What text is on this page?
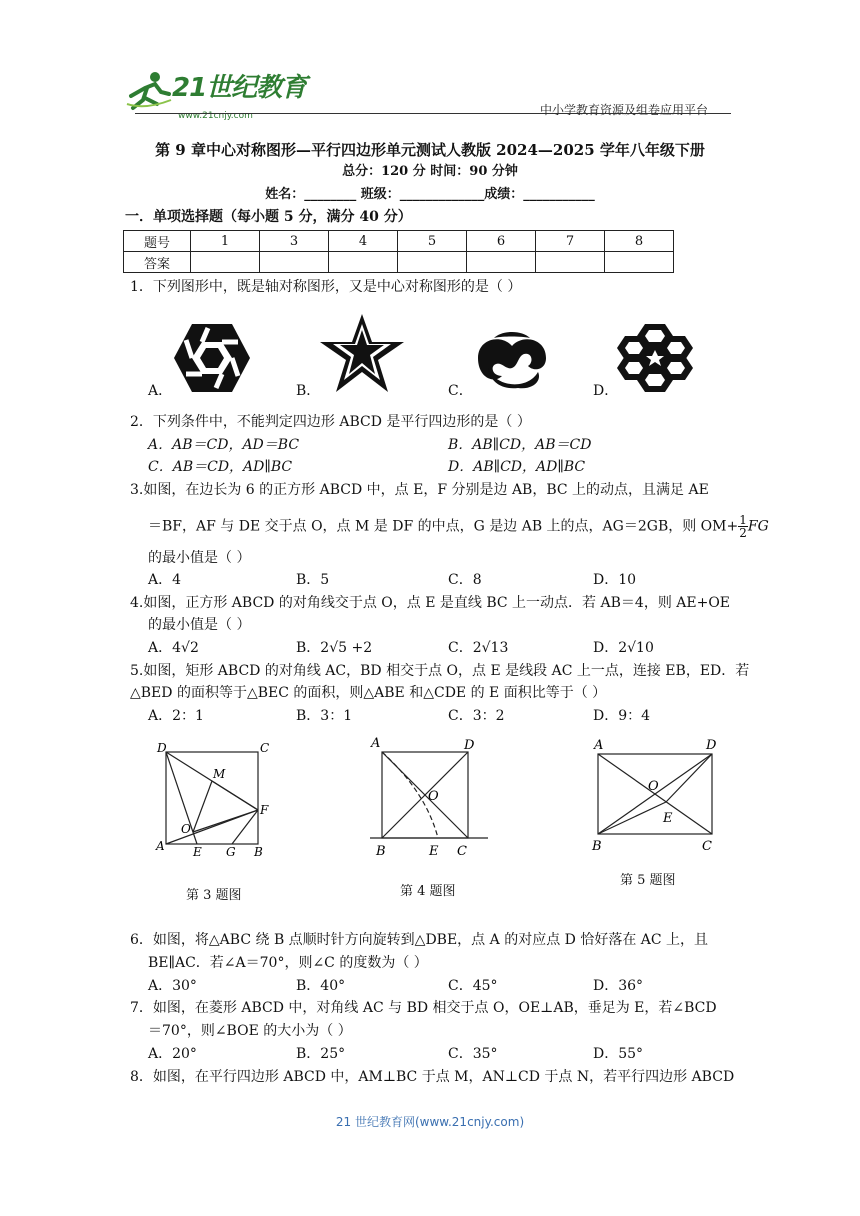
21世纪教育
www.21cnjy.com	中小学教育资源及组卷应用平台
第 9 章中心对称图形—平行四边形单元测试人教版 2024—2025 学年八年级下册
总分：120 分 时间：90 分钟
姓名：________ 班级：_____________成绩：___________
一．单项选择题（每小题 5 分，满分 40 分）
题号	1	3	4	5	6	7	8
答案							
1．下列图形中，既是轴对称图形，又是中心对称图形的是（ ）
A．	B．	C．	D．
2．下列条件中，不能判定四边形 ABCD 是平行四边形的是（ ）
A．AB＝CD，AD＝BC	B．AB∥CD，AB＝CD
C．AB＝CD，AD∥BC	D．AB∥CD，AD∥BC
3.如图，在边长为 6 的正方形 ABCD 中，点 E，F 分别是边 AB，BC 上的动点，且满足 AE
＝BF，AF 与 DE 交于点 O，点 M 是 DF 的中点，G 是边 AB 上的点，AG＝2GB，则 $OM+ \frac{1}{2}$ FG
的最小值是（ ）
A．4	B．5	C．8	D．10
4.如图，正方形 ABCD 的对角线交于点 O，点 E 是直线 BC 上一动点．若 AB＝4，则 AE+OE
的最小值是（ ）
A．4√2	B．2√5 +2	C．2√13	D．2√10
5.如图，矩形 ABCD 的对角线 AC，BD 相交于点 O，点 E 是线段 AC 上一点，连接 EB，ED．若
△BED 的面积等于△BEC 的面积，则△ABE 和△CDE 的 E 面积比等于（ ）
A．2：1	B．3：1	C．3：2	D．9：4
D	C
M
F
O
A E G B
第 3 题图
A	D
O
B	E C
第 4 题图
A	D
O
E
B	C
第 5 题图
6．如图，将△ABC 绕 B 点顺时针方向旋转到△DBE，点 A 的对应点 D 恰好落在 AC 上，且
BE∥AC．若∠A＝70°，则∠C 的度数为（ ）
A．30°	B．40°	C．45°	D．36°
7．如图，在菱形 ABCD 中，对角线 AC 与 BD 相交于点 O，OE⊥AB，垂足为 E，若∠BCD
＝70°，则∠BOE 的大小为（ ）
A．20°	B．25°	C．35°	D．55°
8．如图，在平行四边形 ABCD 中，AM⊥BC 于点 M，AN⊥CD 于点 N，若平行四边形 ABCD
21 世纪教育网(www.21cnjy.com)
